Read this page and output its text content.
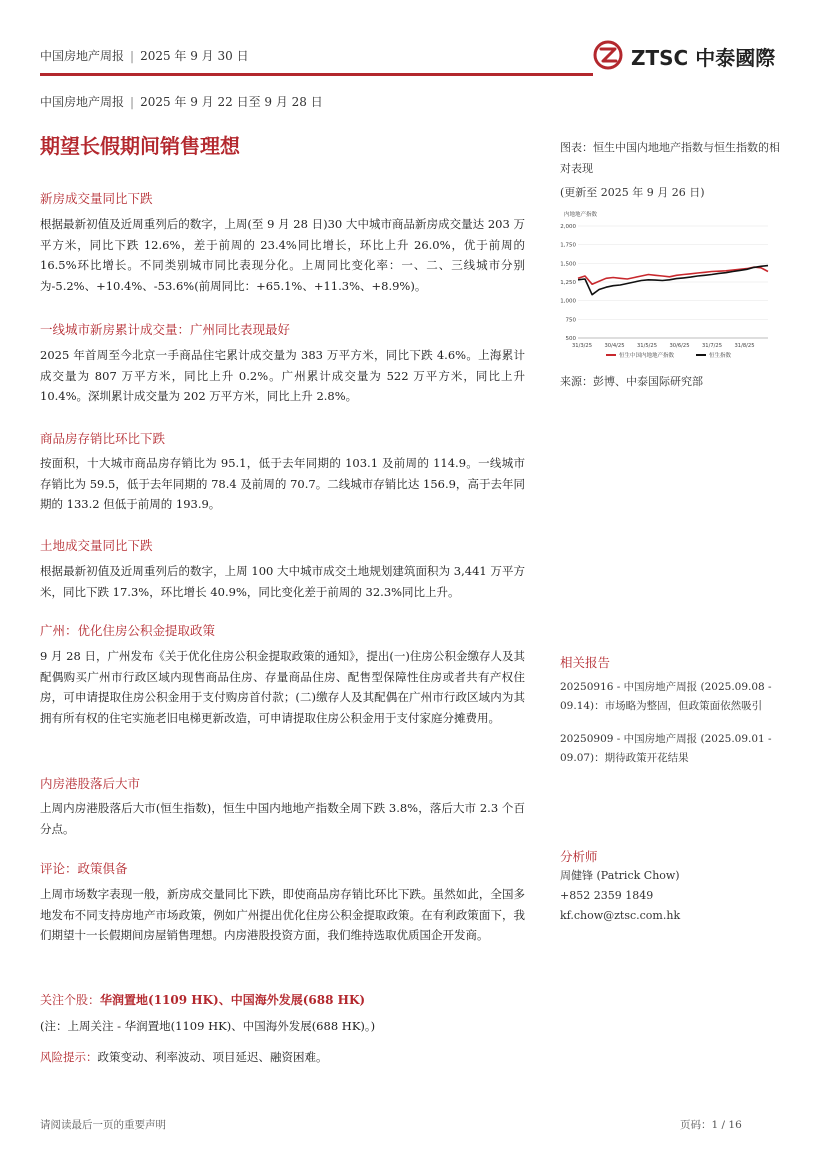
中国房地产周报 | 2025 年 9 月 30 日	ZTSC 中泰國際
中国房地产周报 | 2025 年 9 月 22 日至 9 月 28 日
期望长假期间销售理想
新房成交量同比下跌
根据最新初值及近周重列后的数字，上周(至 9 月 28 日)30 大中城市商品新房成交量达 203 万平方米，同比下跌 12.6%，差于前周的 23.4%同比增长，环比上升 26.0%，优于前周的 16.5%环比增长。不同类别城市同比表现分化。上周同比变化率：一、二、三线城市分别为-5.2%、+10.4%、-53.6%(前周同比：+65.1%、+11.3%、+8.9%)。
一线城市新房累计成交量：广州同比表现最好
2025 年首周至今北京一手商品住宅累计成交量为 383 万平方米，同比下跌 4.6%。上海累计成交量为 807 万平方米，同比上升 0.2%。广州累计成交量为 522 万平方米，同比上升 10.4%。深圳累计成交量为 202 万平方米，同比上升 2.8%。
商品房存销比环比下跌
按面积，十大城市商品房存销比为 95.1，低于去年同期的 103.1 及前周的 114.9。一线城市存销比为 59.5，低于去年同期的 78.4 及前周的 70.7。二线城市存销比达 156.9，高于去年同期的 133.2 但低于前周的 193.9。
土地成交量同比下跌
根据最新初值及近周重列后的数字，上周 100 大中城市成交土地规划建筑面积为 3,441 万平方米，同比下跌 17.3%，环比增长 40.9%，同比变化差于前周的 32.3%同比上升。
广州：优化住房公积金提取政策
9 月 28 日，广州发布《关于优化住房公积金提取政策的通知》，提出(一)住房公积金缴存人及其配偶购买广州市行政区域内现售商品住房、存量商品住房、配售型保障性住房或者共有产权住房，可申请提取住房公积金用于支付购房首付款；(二)缴存人及其配偶在广州市行政区域内为其拥有所有权的住宅实施老旧电梯更新改造，可申请提取住房公积金用于支付家庭分摊费用。
内房港股落后大市
上周内房港股落后大市(恒生指数)，恒生中国内地地产指数全周下跌 3.8%，落后大市 2.3 个百分点。
评论：政策俱备
上周市场数字表现一般，新房成交量同比下跌，即使商品房存销比环比下跌。虽然如此，全国多地发布不同支持房地产市场政策，例如广州提出优化住房公积金提取政策。在有利政策面下，我们期望十一长假期间房屋销售理想。内房港股投资方面，我们维持选取优质国企开发商。
关注个股：华润置地(1109 HK)、中国海外发展(688 HK)
(注：上周关注 - 华润置地(1109 HK)、中国海外发展(688 HK)。)
风险提示：政策变动、利率波动、项目延迟、融资困难。
图表：恒生中国内地地产指数与恒生指数的相对表现
(更新至 2025 年 9 月 26 日)
内地地产指数
2,000
1,750
1,500
1,250
1,000
750
500
31/3/25 30/4/25 31/5/25 30/6/25 31/7/25 31/8/25
恒生中国内地地产指数	恒生指数
来源：彭博、中泰国际研究部
相关报告
20250916 - 中国房地产周报 (2025.09.08 - 09.14)：市场略为整固，但政策面依然吸引
20250909 - 中国房地产周报 (2025.09.01 - 09.07)：期待政策开花结果
分析师
周健锋 (Patrick Chow)
+852 2359 1849
kf.chow@ztsc.com.hk
请阅读最后一页的重要声明	页码：1 / 16
